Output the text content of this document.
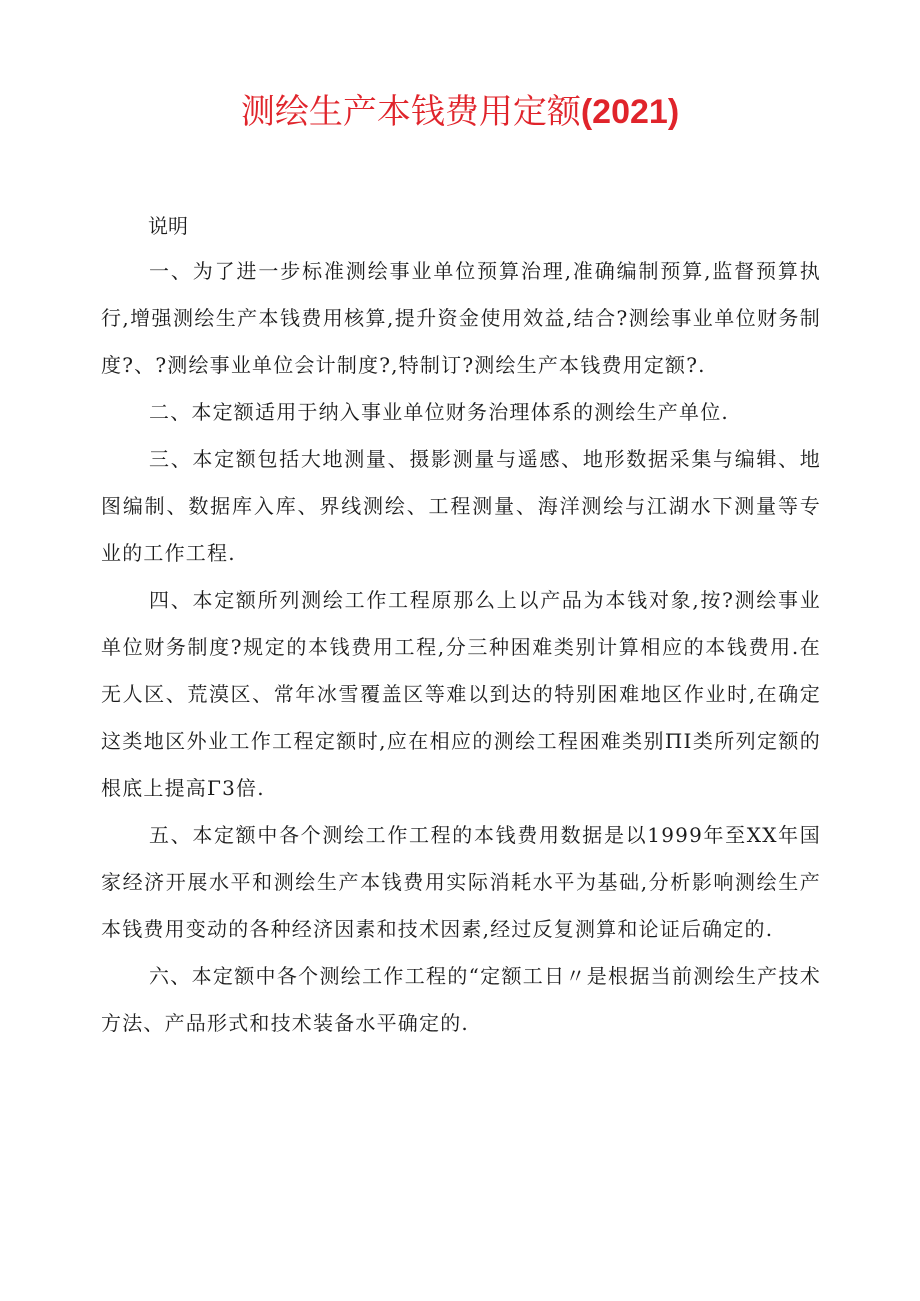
测绘生产本钱费用定额(2021)
说明

一、为了进一步标准测绘事业单位预算治理,准确编制预算,监督预算执行,增强测绘生产本钱费用核算,提升资金使用效益,结合?测绘事业单位财务制度?、?测绘事业单位会计制度?,特制订?测绘生产本钱费用定额?.

二、本定额适用于纳入事业单位财务治理体系的测绘生产单位.

三、本定额包括大地测量、摄影测量与遥感、地形数据采集与编辑、地图编制、数据库入库、界线测绘、工程测量、海洋测绘与江湖水下测量等专业的工作工程.

四、本定额所列测绘工作工程原那么上以产品为本钱对象,按?测绘事业单位财务制度?规定的本钱费用工程,分三种困难类别计算相应的本钱费用.在无人区、荒漠区、常年冰雪覆盖区等难以到达的特别困难地区作业时,在确定这类地区外业工作工程定额时,应在相应的测绘工程困难类别ΠΙ类所列定额的根底上提高Γ3倍.

五、本定额中各个测绘工作工程的本钱费用数据是以1999年至XX年国家经济开展水平和测绘生产本钱费用实际消耗水平为基础,分析影响测绘生产本钱费用变动的各种经济因素和技术因素,经过反复测算和论证后确定的.

六、本定额中各个测绘工作工程的“定额工日〃是根据当前测绘生产技术方法、产品形式和技术装备水平确定的.
